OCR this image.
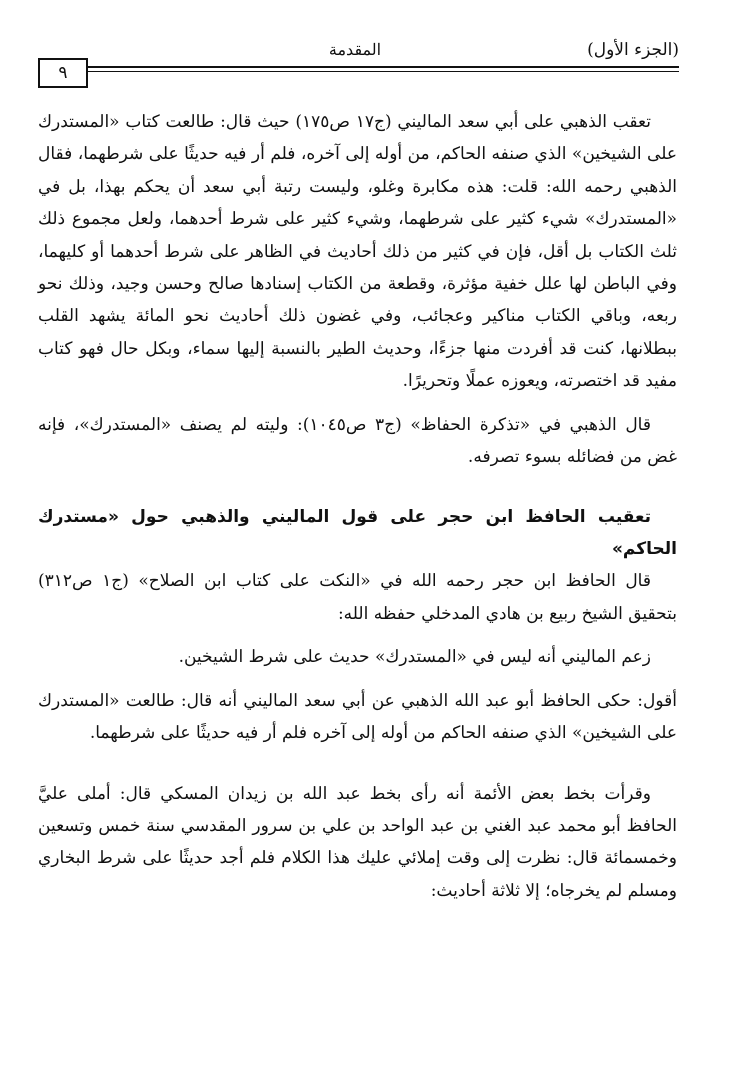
(الجزء الأول)
المقدمة
٩

تعقب الذهبي على أبي سعد الماليني (ج١٧ ص١٧٥) حيث قال: طالعت كتاب «المستدرك على الشيخين» الذي صنفه الحاكم، من أوله إلى آخره، فلم أر فيه حديثًا على شرطهما، فقال الذهبي رحمه الله: قلت: هذه مكابرة وغلو، وليست رتبة أبي سعد أن يحكم بهذا، بل في «المستدرك» شيء كثير على شرطهما، وشيء كثير على شرط أحدهما، ولعل مجموع ذلك ثلث الكتاب بل أقل، فإن في كثير من ذلك أحاديث في الظاهر على شرط أحدهما أو كليهما، وفي الباطن لها علل خفية مؤثرة، وقطعة من الكتاب إسنادها صالح وحسن وجيد، وذلك نحو ربعه، وباقي الكتاب مناكير وعجائب، وفي غضون ذلك أحاديث نحو المائة يشهد القلب ببطلانها، كنت قد أفردت منها جزءًا، وحديث الطير بالنسبة إليها سماء، وبكل حال فهو كتاب مفيد قد اختصرته، ويعوزه عملًا وتحريرًا.

قال الذهبي في «تذكرة الحفاظ» (ج٣ ص١٠٤٥): وليته لم يصنف «المستدرك»، فإنه غض من فضائله بسوء تصرفه.

تعقيب الحافظ ابن حجر على قول الماليني والذهبي حول «مستدرك الحاكم»

قال الحافظ ابن حجر رحمه الله في «النكت على كتاب ابن الصلاح» (ج١ ص٣١٢) بتحقيق الشيخ ربيع بن هادي المدخلي حفظه الله:

زعم الماليني أنه ليس في «المستدرك» حديث على شرط الشيخين.

أقول: حكى الحافظ أبو عبد الله الذهبي عن أبي سعد الماليني أنه قال: طالعت «المستدرك على الشيخين» الذي صنفه الحاكم من أوله إلى آخره فلم أر فيه حديثًا على شرطهما.

وقرأت بخط بعض الأئمة أنه رأى بخط عبد الله بن زيدان المسكي قال: أملى عليَّ الحافظ أبو محمد عبد الغني بن عبد الواحد بن علي بن سرور المقدسي سنة خمس وتسعين وخمسمائة قال: نظرت إلى وقت إملائي عليك هذا الكلام فلم أجد حديثًا على شرط البخاري ومسلم لم يخرجاه؛ إلا ثلاثة أحاديث:
